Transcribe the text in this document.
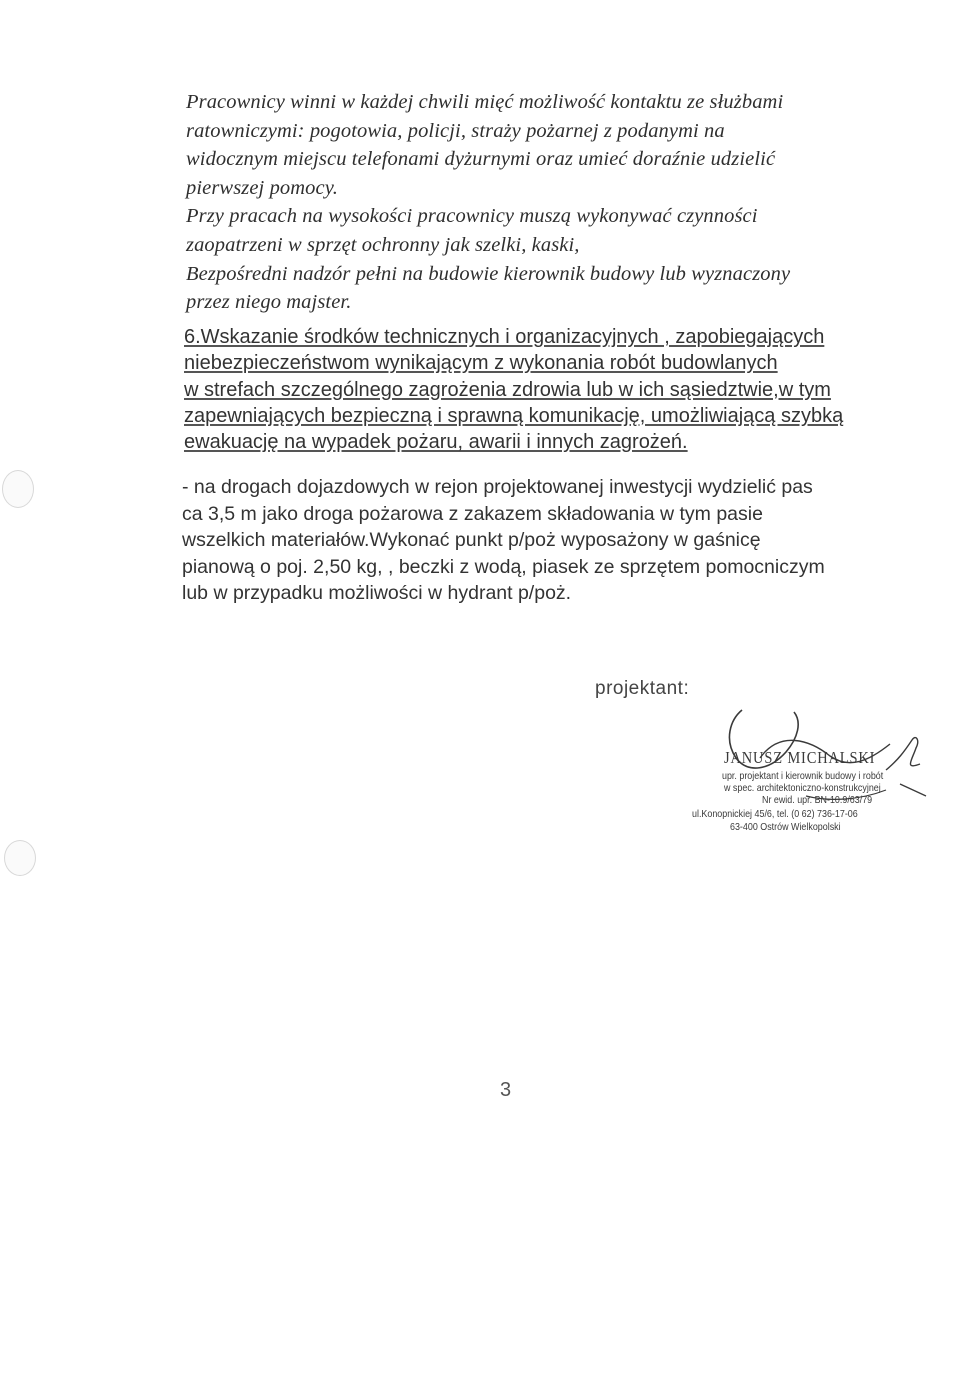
Pracownicy winni w każdej chwili mięć możliwość kontaktu ze służbami
ratowniczymi: pogotowia, policji, straży pożarnej z podanymi na
widocznym miejscu telefonami dyżurnymi oraz umieć doraźnie udzielić
pierwszej pomocy.
Przy pracach na wysokości pracownicy muszą wykonywać czynności
zaopatrzeni w sprzęt ochronny jak szelki, kaski,
Bezpośredni nadzór pełni na budowie kierownik budowy lub wyznaczony
przez niego majster.
6.Wskazanie środków technicznych i organizacyjnych , zapobiegających
niebezpieczeństwom wynikającym z wykonania robót budowlanych
w strefach szczególnego zagrożenia zdrowia lub w ich sąsiedztwie,w tym
zapewniających bezpieczną i sprawną komunikację, umożliwiającą szybką
ewakuację na wypadek pożaru, awarii i innych zagrożeń.
- na drogach dojazdowych w rejon projektowanej inwestycji wydzielić pas
ca 3,5 m jako droga pożarowa z zakazem składowania w tym pasie
wszelkich materiałów.Wykonać punkt p/poż wyposażony w gaśnicę
pianową o poj. 2,50 kg, , beczki z wodą, piasek ze sprzętem pomocniczym
lub w przypadku możliwości w hydrant p/poż.
projektant:
JANUSZ MICHALSKI
upr. projektant i kierownik budowy i robót
w spec. architektoniczno-konstrukcyjnej
Nr ewid. upr. BN-10.9/63/79
ul.Konopnickiej 45/6, tel. (0 62) 736-17-06
63-400 Ostrów Wielkopolski
3
